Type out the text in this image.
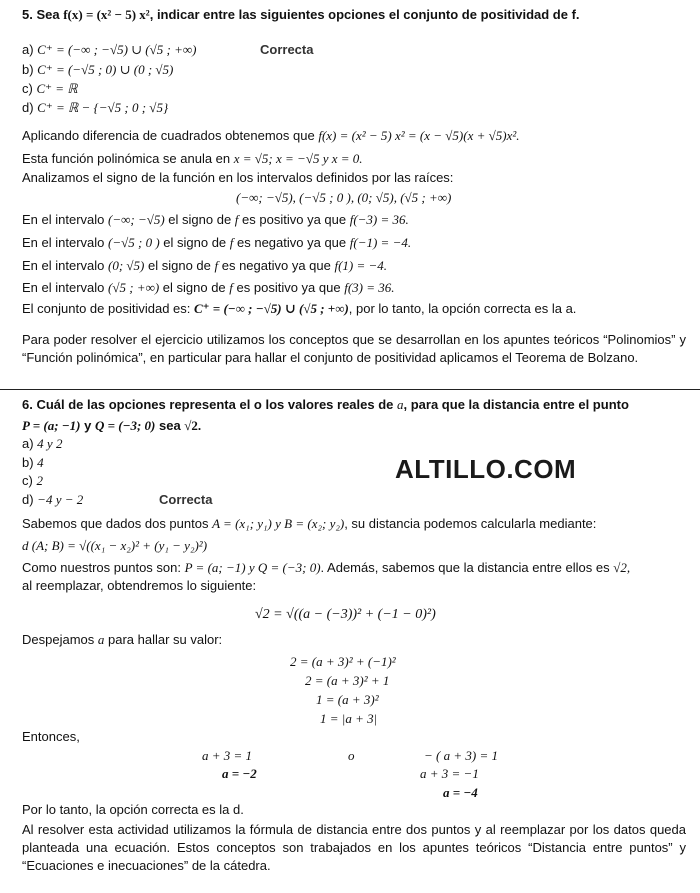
5. Sea f(x) = (x² − 5) x², indicar entre las siguientes opciones el conjunto de positividad de f.
a) C⁺ = (−∞ ; −√5) ∪ (√5 ; +∞)	Correcta
b) C⁺ = (−√5 ; 0) ∪ (0 ; √5)
c) C⁺ = ℝ
d) C⁺ = ℝ − {−√5 ; 0 ; √5}
Aplicando diferencia de cuadrados obtenemos que f(x) = (x² − 5) x² = (x − √5)(x + √5)x².
Esta función polinómica se anula en x = √5; x = −√5 y x = 0.
Analizamos el signo de la función en los intervalos definidos por las raíces:
(−∞; −√5), (−√5 ; 0 ), (0; √5), (√5 ; +∞)
En el intervalo (−∞; −√5) el signo de f es positivo ya que f(−3) = 36.
En el intervalo (−√5 ; 0 ) el signo de f es negativo ya que f(−1) = −4.
En el intervalo (0; √5) el signo de f es negativo ya que f(1) = −4.
En el intervalo (√5 ; +∞) el signo de f es positivo ya que f(3) = 36.
El conjunto de positividad es: C⁺ = (−∞ ; −√5) ∪ (√5 ; +∞), por lo tanto, la opción correcta es la a.
Para poder resolver el ejercicio utilizamos los conceptos que se desarrollan en los apuntes teóricos “Polinomios” y “Función polinómica”, en particular para hallar el conjunto de positividad aplicamos el Teorema de Bolzano.
6. Cuál de las opciones representa el o los valores reales de a, para que la distancia entre el punto
P = (a; −1) y Q = (−3; 0) sea √2.
a) 4 y 2
b) 4
c) 2
d) −4 y − 2	Correcta
ALTILLO.COM
Sabemos que dados dos puntos A = (x₁; y₁) y B = (x₂; y₂), su distancia podemos calcularla mediante:
d (A; B) = √((x₁ − x₂)² + (y₁ − y₂)²)
Como nuestros puntos son: P = (a; −1) y Q = (−3; 0). Además, sabemos que la distancia entre ellos es √2,
al reemplazar, obtendremos lo siguiente:
√2 = √((a − (−3))² + (−1 − 0)²)
Despejamos a para hallar su valor:
2 = (a + 3)² + (−1)²
2 = (a + 3)² + 1
1 = (a + 3)²
1 = |a + 3|
Entonces,
a + 3 = 1
a = −2
o	− ( a + 3) = 1
a + 3 = −1
a = −4
Por lo tanto, la opción correcta es la d.
Al resolver esta actividad utilizamos la fórmula de distancia entre dos puntos y al reemplazar por los datos queda planteada una ecuación. Estos conceptos son trabajados en los apuntes teóricos “Distancia entre puntos” y “Ecuaciones e inecuaciones” de la cátedra.
